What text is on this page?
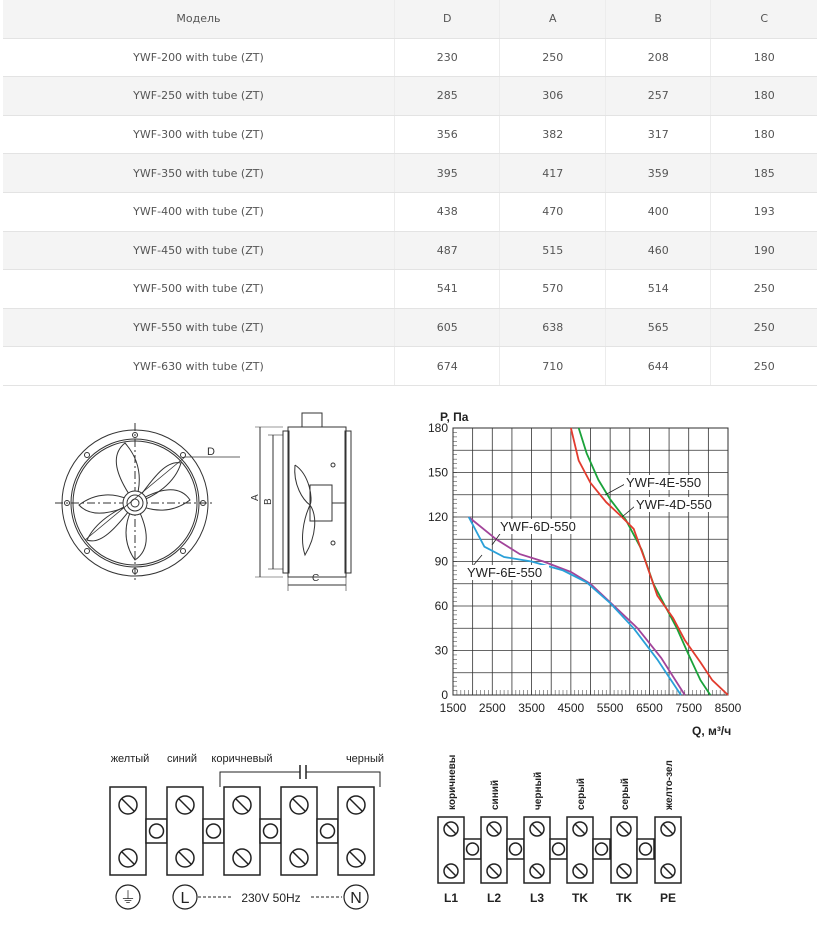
Модель	D	A	B	C
YWF-200 with tube (ZT)	230	250	208	180
YWF-250 with tube (ZT)	285	306	257	180
YWF-300 with tube (ZT)	356	382	317	180
YWF-350 with tube (ZT)	395	417	359	185
YWF-400 with tube (ZT)	438	470	400	193
YWF-450 with tube (ZT)	487	515	460	190
YWF-500 with tube (ZT)	541	570	514	250
YWF-550 with tube (ZT)	605	638	565	250
YWF-630 with tube (ZT)	674	710	644	250
D
A
B
C
1500 2500 3500 4500 5500 6500 7500 8500
0
30
60
90
120
150
180
YWF-4E-550
YWF-4D-550
YWF-6D-550
YWF-6E-550
P, Па
Q, м³/ч
желтый синий коричневый	черный
⏚	L	230V 50Hz	N
коричневы
L1
синий
L2
черный
L3
серый
TK
серый
TK
желто-зел
PE
